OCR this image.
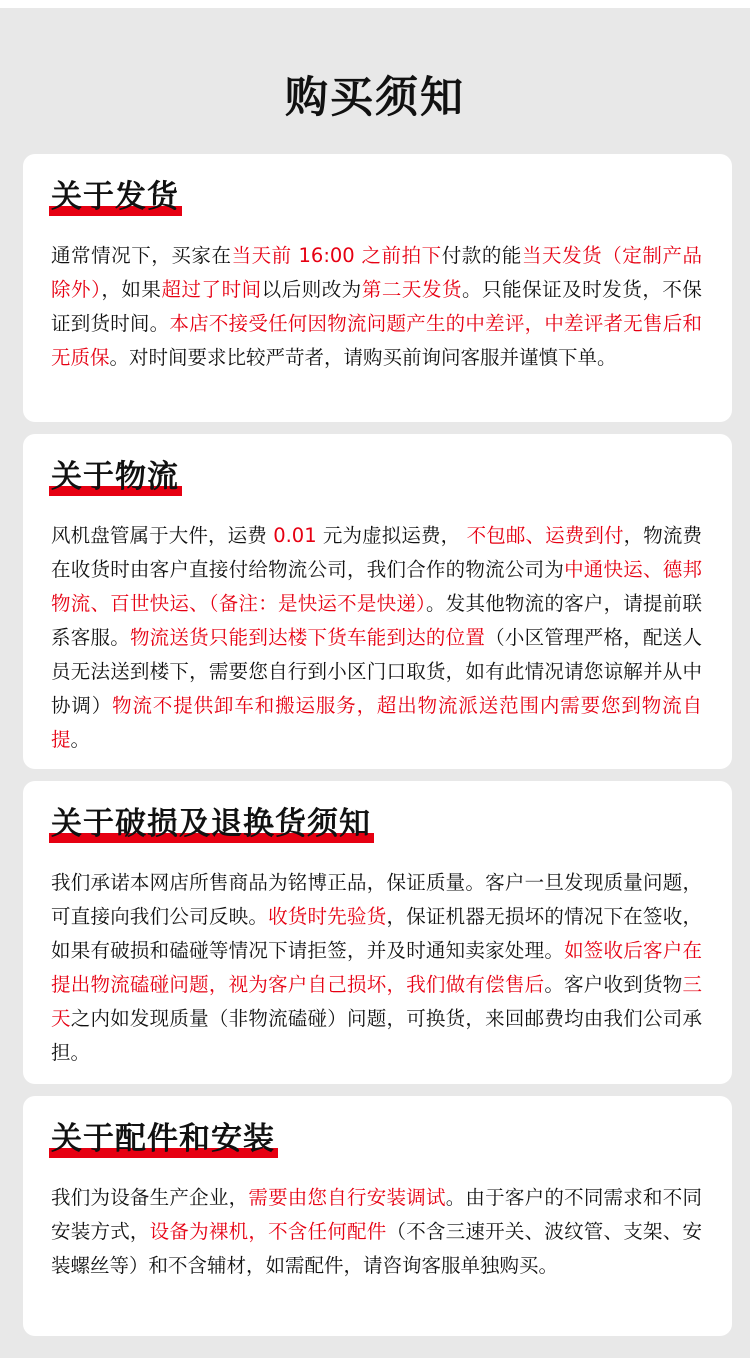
购买须知
关于发货
通常情况下，买家在当天前 16:00 之前拍下付款的能当天发货（定制产品除外），如果超过了时间以后则改为第二天发货。只能保证及时发货，不保证到货时间。本店不接受任何因物流问题产生的中差评，中差评者无售后和无质保。对时间要求比较严苛者，请购买前询问客服并谨慎下单。
关于物流
风机盘管属于大件，运费 0.01 元为虚拟运费， 不包邮、运费到付，物流费在收货时由客户直接付给物流公司，我们合作的物流公司为中通快运、德邦物流、百世快运、（备注：是快运不是快递）。发其他物流的客户，请提前联系客服。物流送货只能到达楼下货车能到达的位置（小区管理严格，配送人员无法送到楼下，需要您自行到小区门口取货，如有此情况请您谅解并从中协调）物流不提供卸车和搬运服务，超出物流派送范围内需要您到物流自提。
关于破损及退换货须知
我们承诺本网店所售商品为铭博正品，保证质量。客户一旦发现质量问题，可直接向我们公司反映。收货时先验货，保证机器无损坏的情况下在签收，如果有破损和磕碰等情况下请拒签，并及时通知卖家处理。如签收后客户在提出物流磕碰问题，视为客户自己损坏，我们做有偿售后。客户收到货物三天之内如发现质量（非物流磕碰）问题，可换货，来回邮费均由我们公司承担。
关于配件和安装
我们为设备生产企业，需要由您自行安装调试。由于客户的不同需求和不同安装方式，设备为裸机，不含任何配件（不含三速开关、波纹管、支架、安装螺丝等）和不含辅材，如需配件，请咨询客服单独购买。
